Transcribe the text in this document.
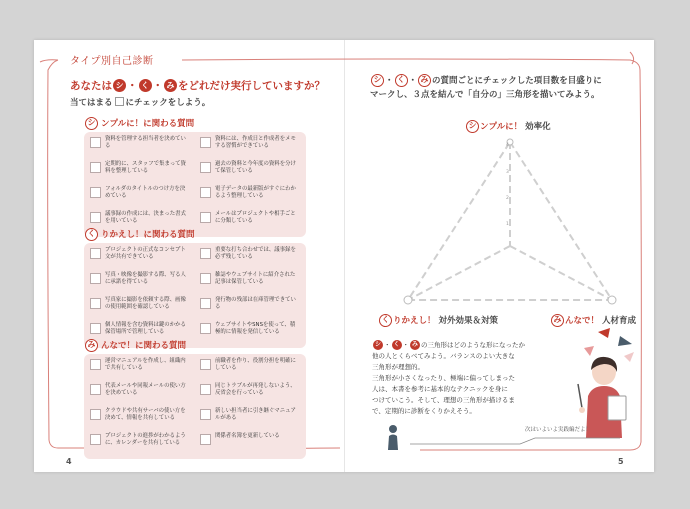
タイプ別自己診断
あなたは シ ・ く ・ み をどれだけ実行していますか？
当てはまる にチェックをしよう。
シ ンプルに！に関わる質問
資料を管理する担当者を決めている
資料には、作成日と作成者をメモする習慣ができている
定期的に、スタッフで集まって資料を整理している
過去の資料と今年度の資料を分けて保管している
フォルダのタイトルのつけ方を決めている
電子データの最新版がすぐにわかるよう整理している
議事録の作成には、決まった書式を用いている
メールはプロジェクトや相手ごとに分類している
く りかえし！に関わる質問
プロジェクトの正式なコンセプト文が共有できている
重要な打ち合わせでは、議事録を必ず残している
写真・映像を撮影する際、写る人に承諾を得ている
雑誌やウェブサイトに紹介された記事は保管している
写真家に撮影を依頼する際、画像の使用範囲を確認している
発行物の残部は在庫管理できている
個人情報を含む資料は鍵のかかる保管場所で管理している
ウェブサイトやSNSを使って、積極的に情報を発信している
み んなで！に関わる質問
運営マニュアルを作成し、組織内で共有している
前職者を作り、役割分担を明確にしている
代表メールや同報メールの使い方を決めている
同じトラブルが再発しないよう、反省会を行っている
クラウドや共有サーバの使い方を決めて、情報を共有している
新しい担当者に引き継ぐマニュアルがある
プロジェクトの進捗がわかるように、カレンダーを共有している
関係者名簿を更新している
4
シ ・ く ・ み の質問ごとにチェックした項目数を目盛りに
マークし、３点を結んで「自分の」三角形を描いてみよう。
シ ンプルに！ 効率化
4
3
2
1
く りかえし！ 対外効果＆対策	み んなで！ 人材育成
シ ・ く ・ み の三角形はどのような形になったか
他の人とくらべてみよう。バランスのよい大きな
三角形が理想的。
三角形が小さくなったり、極端に偏ってしまった
人は、本書を参考に基本的なテクニックを身に
つけていこう。そして、理想の三角形が描けるま
で、定期的に診断をくりかえそう。
次はいよいよ実践編だよ！
5
